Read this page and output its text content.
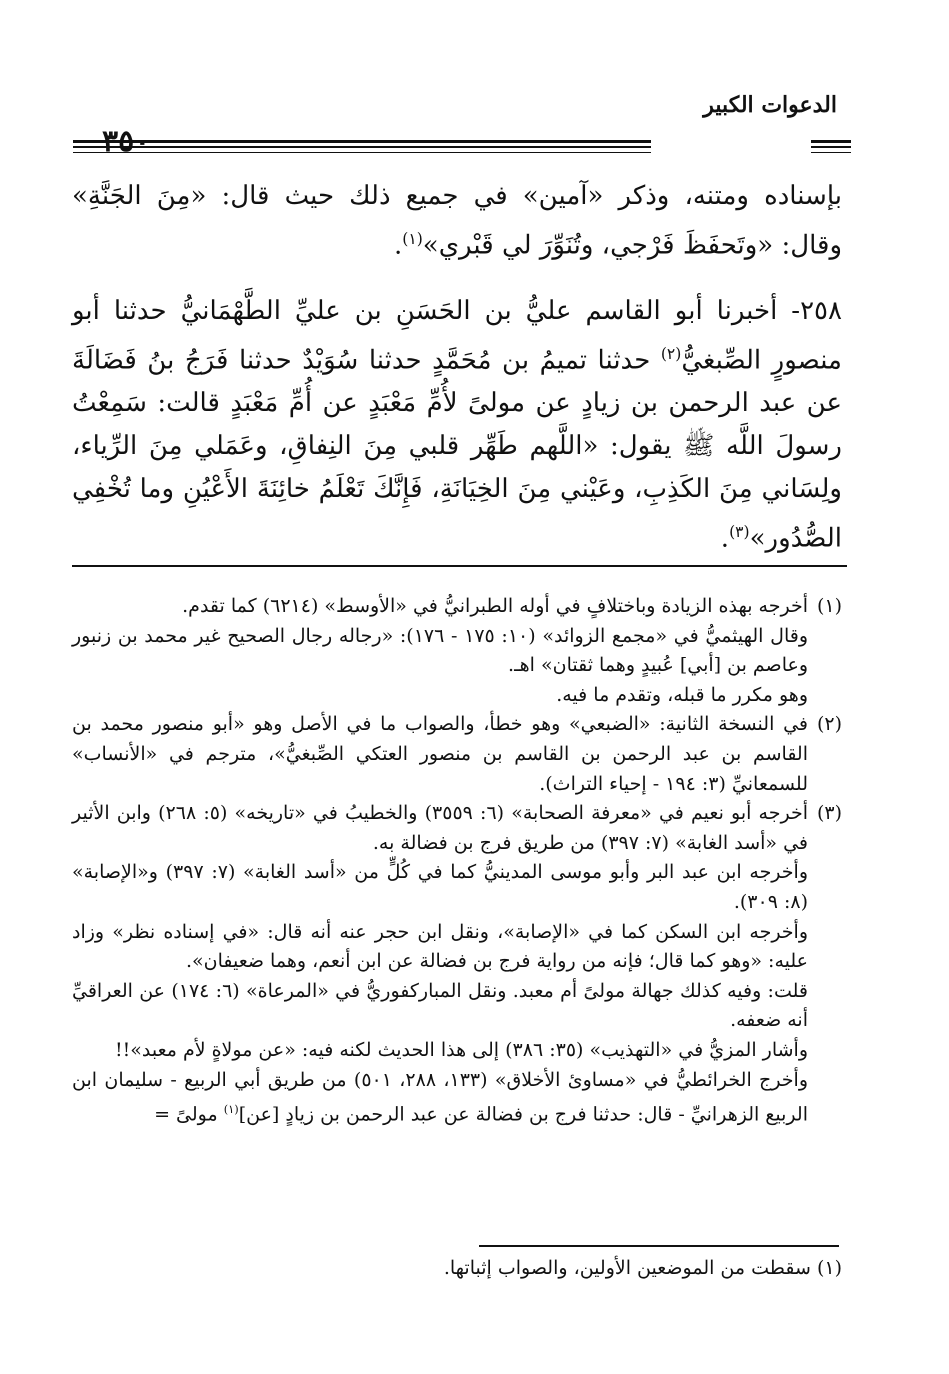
الدعوات الكبير

بإسناده ومتنه، وذكر «آمين» في جميع ذلك حيث قال: «مِنَ الجَنَّةِ» وقال: «وتَحفَظَ فَرْجي، وتُنَوِّرَ لي قَبْري»$^{(١)}$.

٢٥٨- أخبرنا أبو القاسم عليُّ بن الحَسَنِ بن عليِّ الطَّهْمَانيُّ حدثنا أبو منصورٍ الصِّبغيُّ$^{(٢)}$ حدثنا تميمُ بن مُحَمَّدٍ حدثنا سُوَيْدٌ حدثنا فَرَجُ بنُ فَضَالَةَ عن عبد الرحمن بن زيادٍ عن مولىً لأُمِّ مَعْبَدٍ عن أُمِّ مَعْبَدٍ قالت: سَمِعْتُ رسولَ اللَّه ﷺ يقول: «اللَّهم طَهِّر قلبي مِنَ النِفاقِ، وعَمَلي مِنَ الرِّياء، ولِسَاني مِنَ الكَذِبِ، وعَيْني مِنَ الخِيَانَةِ، فَإِنَّكَ تَعْلَمُ خائِنَةَ الأَعْيُنِ وما تُخْفِي الصُّدُور»$^{(٣)}$.

(١)
أخرجه بهذه الزيادة وباختلافٍ في أوله الطبرانيُّ في «الأوسط» (٦٢١٤) كما تقدم.
وقال الهيثميُّ في «مجمع الزوائد» (١٠: ١٧٥ - ١٧٦): «رجاله رجال الصحيح غير محمد بن زنبور وعاصم بن [أبي] عُبيدٍ وهما ثقتان» اهـ.
وهو مكرر ما قبله، وتقدم ما فيه.
(٢)
في النسخة الثانية: «الضبعي» وهو خطأ، والصواب ما في الأصل وهو «أبو منصور محمد بن القاسم بن عبد الرحمن بن القاسم بن منصور العتكي الصِّبغيُّ»، مترجم في «الأنساب» للسمعانيِّ (٣: ١٩٤ - إحياء التراث).
(٣)
أخرجه أبو نعيم في «معرفة الصحابة» (٦: ٣٥٥٩) والخطيبُ في «تاريخه» (٥: ٢٦٨) وابن الأثير في «أسد الغابة» (٧: ٣٩٧) من طريق فرج بن فضالة به.
وأخرجه ابن عبد البر وأبو موسى المدينيُّ كما في كُلٍّ من «أسد الغابة» (٧: ٣٩٧) و«الإصابة» (٨: ٣٠٩).
وأخرجه ابن السكن كما في «الإصابة»، ونقل ابن حجر عنه أنه قال: «في إسناده نظر» وزاد عليه: «وهو كما قال؛ فإنه من رواية فرج بن فضالة عن ابن أنعم، وهما ضعيفان».
قلت: وفيه كذلك جهالة مولىً أم معبد. ونقل المباركفوريُّ في «المرعاة» (٦: ١٧٤) عن العراقيِّ أنه ضعفه.
وأشار المزيُّ في «التهذيب» (٣٥: ٣٨٦) إلى هذا الحديث لكنه فيه: «عن مولاةٍ لأم معبد»!!
وأخرج الخرائطيُّ في «مساوئ الأخلاق» (١٣٣، ٢٨٨، ٥٠١) من طريق أبي الربيع - سليمان ابن الربيع الزهرانيِّ - قال: حدثنا فرج بن فضالة عن عبد الرحمن بن زيادٍ [عن]$^{(١)}$ مولىً =
(١) سقطت من الموضعين الأولين، والصواب إثباتها.
